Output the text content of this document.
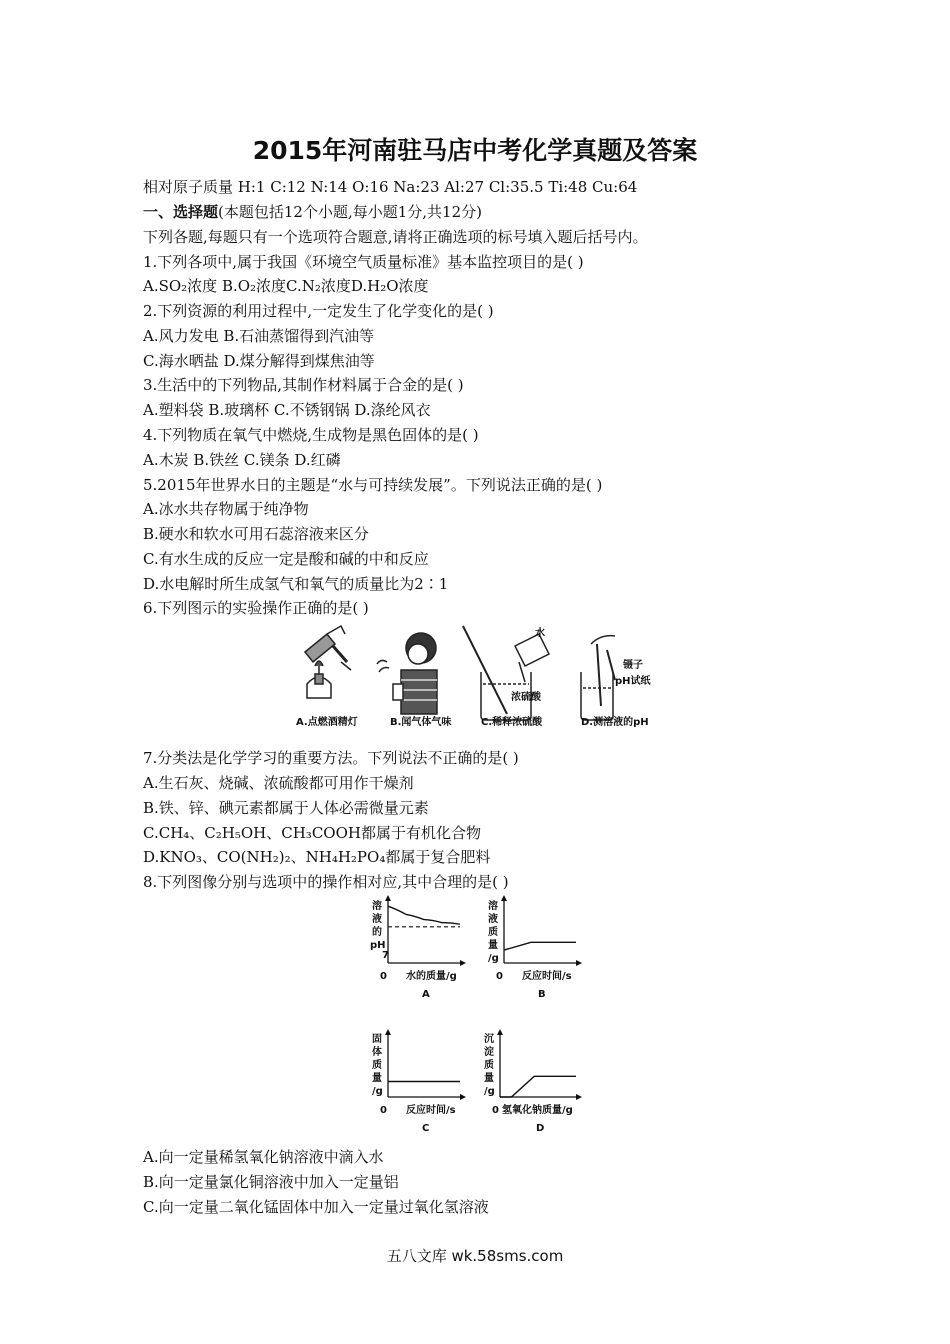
2015年河南驻马店中考化学真题及答案
相对原子质量 H:1 C:12 N:14 O:16 Na:23 Al:27 Cl:35.5 Ti:48 Cu:64
一、选择题(本题包括12个小题,每小题1分,共12分)
下列各题,每题只有一个选项符合题意,请将正确选项的标号填入题后括号内。
1.下列各项中,属于我国《环境空气质量标准》基本监控项目的是( )
A.SO₂浓度 B.O₂浓度C.N₂浓度D.H₂O浓度
2.下列资源的利用过程中,一定发生了化学变化的是( )
A.风力发电 B.石油蒸馏得到汽油等
C.海水晒盐 D.煤分解得到煤焦油等
3.生活中的下列物品,其制作材料属于合金的是( )
A.塑料袋 B.玻璃杯 C.不锈钢锅 D.涤纶风衣
4.下列物质在氧气中燃烧,生成物是黑色固体的是( )
A.木炭 B.铁丝 C.镁条 D.红磷
5.2015年世界水日的主题是“水与可持续发展”。下列说法正确的是( )
A.冰水共存物属于纯净物
B.硬水和软水可用石蕊溶液来区分
C.有水生成的反应一定是酸和碱的中和反应
D.水电解时所生成氢气和氧气的质量比为2∶1
6.下列图示的实验操作正确的是( )
水
浓硫酸
镊子
pH试纸
A.点燃酒精灯	B.闻气体气味	C.稀释浓硫酸	D.测溶液的pH
7.分类法是化学学习的重要方法。下列说法不正确的是( )
A.生石灰、烧碱、浓硫酸都可用作干燥剂
B.铁、锌、碘元素都属于人体必需微量元素
C.CH₄、C₂H₅OH、CH₃COOH都属于有机化合物
D.KNO₃、CO(NH₂)₂、NH₄H₂PO₄都属于复合肥料
8.下列图像分别与选项中的操作相对应,其中合理的是( )
溶
液
的
pH
7
0 水的质量/g
A
溶
液
质
量
/g
0 反应时间/s
B
固
体
质
量
/g
0 反应时间/s
C
沉
淀
质
量
/g
0 氢氧化钠质量/g
D
A.向一定量稀氢氧化钠溶液中滴入水
B.向一定量氯化铜溶液中加入一定量铝
C.向一定量二氧化锰固体中加入一定量过氧化氢溶液
五八文库 wk.58sms.com
